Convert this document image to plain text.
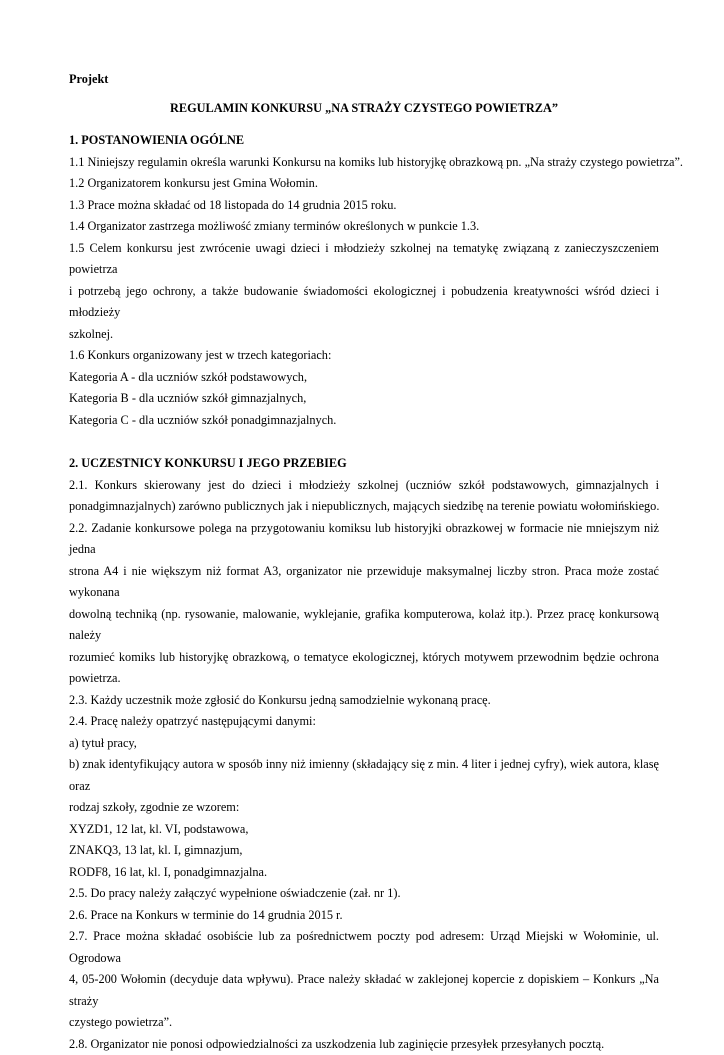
Projekt
REGULAMIN KONKURSU „NA STRAŻY CZYSTEGO POWIETRZA”
1. POSTANOWIENIA OGÓLNE
1.1 Niniejszy regulamin określa warunki Konkursu na komiks lub historyjkę obrazkową pn. „Na straży czystego powietrza”.
1.2 Organizatorem konkursu jest Gmina Wołomin.
1.3 Prace można składać od 18 listopada do 14 grudnia 2015 roku.
1.4 Organizator zastrzega możliwość zmiany terminów określonych w punkcie 1.3.
1.5 Celem konkursu jest zwrócenie uwagi dzieci i młodzieży szkolnej na tematykę związaną z zanieczyszczeniem powietrza
i potrzebą jego ochrony, a także budowanie świadomości ekologicznej i pobudzenia kreatywności wśród dzieci i młodzieży
szkolnej.
1.6 Konkurs organizowany jest w trzech kategoriach:
Kategoria A - dla uczniów szkół podstawowych,
Kategoria B - dla uczniów szkół gimnazjalnych,
Kategoria C - dla uczniów szkół ponadgimnazjalnych.
2. UCZESTNICY KONKURSU I JEGO PRZEBIEG
2.1. Konkurs skierowany jest do dzieci i młodzieży szkolnej (uczniów szkół podstawowych, gimnazjalnych i
ponadgimnazjalnych) zarówno publicznych jak i niepublicznych, mających siedzibę na terenie powiatu wołomińskiego.
2.2. Zadanie konkursowe polega na przygotowaniu komiksu lub historyjki obrazkowej w formacie nie mniejszym niż jedna
strona A4 i nie większym niż format A3, organizator nie przewiduje maksymalnej liczby stron. Praca może zostać wykonana
dowolną techniką (np. rysowanie, malowanie, wyklejanie, grafika komputerowa, kolaż itp.). Przez pracę konkursową należy
rozumieć komiks lub historyjkę obrazkową, o tematyce ekologicznej, których motywem przewodnim będzie ochrona
powietrza.
2.3. Każdy uczestnik może zgłosić do Konkursu jedną samodzielnie wykonaną pracę.
2.4. Pracę należy opatrzyć następującymi danymi:
a) tytuł pracy,
b) znak identyfikujący autora w sposób inny niż imienny (składający się z min. 4 liter i jednej cyfry), wiek autora, klasę oraz
rodzaj szkoły, zgodnie ze wzorem:
XYZD1, 12 lat, kl. VI, podstawowa,
ZNAKQ3, 13 lat, kl. I, gimnazjum,
RODF8, 16 lat, kl. I, ponadgimnazjalna.
2.5. Do pracy należy załączyć wypełnione oświadczenie (zał. nr 1).
2.6. Prace na Konkurs w terminie do 14 grudnia 2015 r.
2.7. Prace można składać osobiście lub za pośrednictwem poczty pod adresem: Urząd Miejski w Wołominie, ul. Ogrodowa
4, 05-200 Wołomin (decyduje data wpływu). Prace należy składać w zaklejonej kopercie z dopiskiem – Konkurs „Na straży
czystego powietrza”.
2.8. Organizator nie ponosi odpowiedzialności za uszkodzenia lub zaginięcie przesyłek przesyłanych pocztą.
